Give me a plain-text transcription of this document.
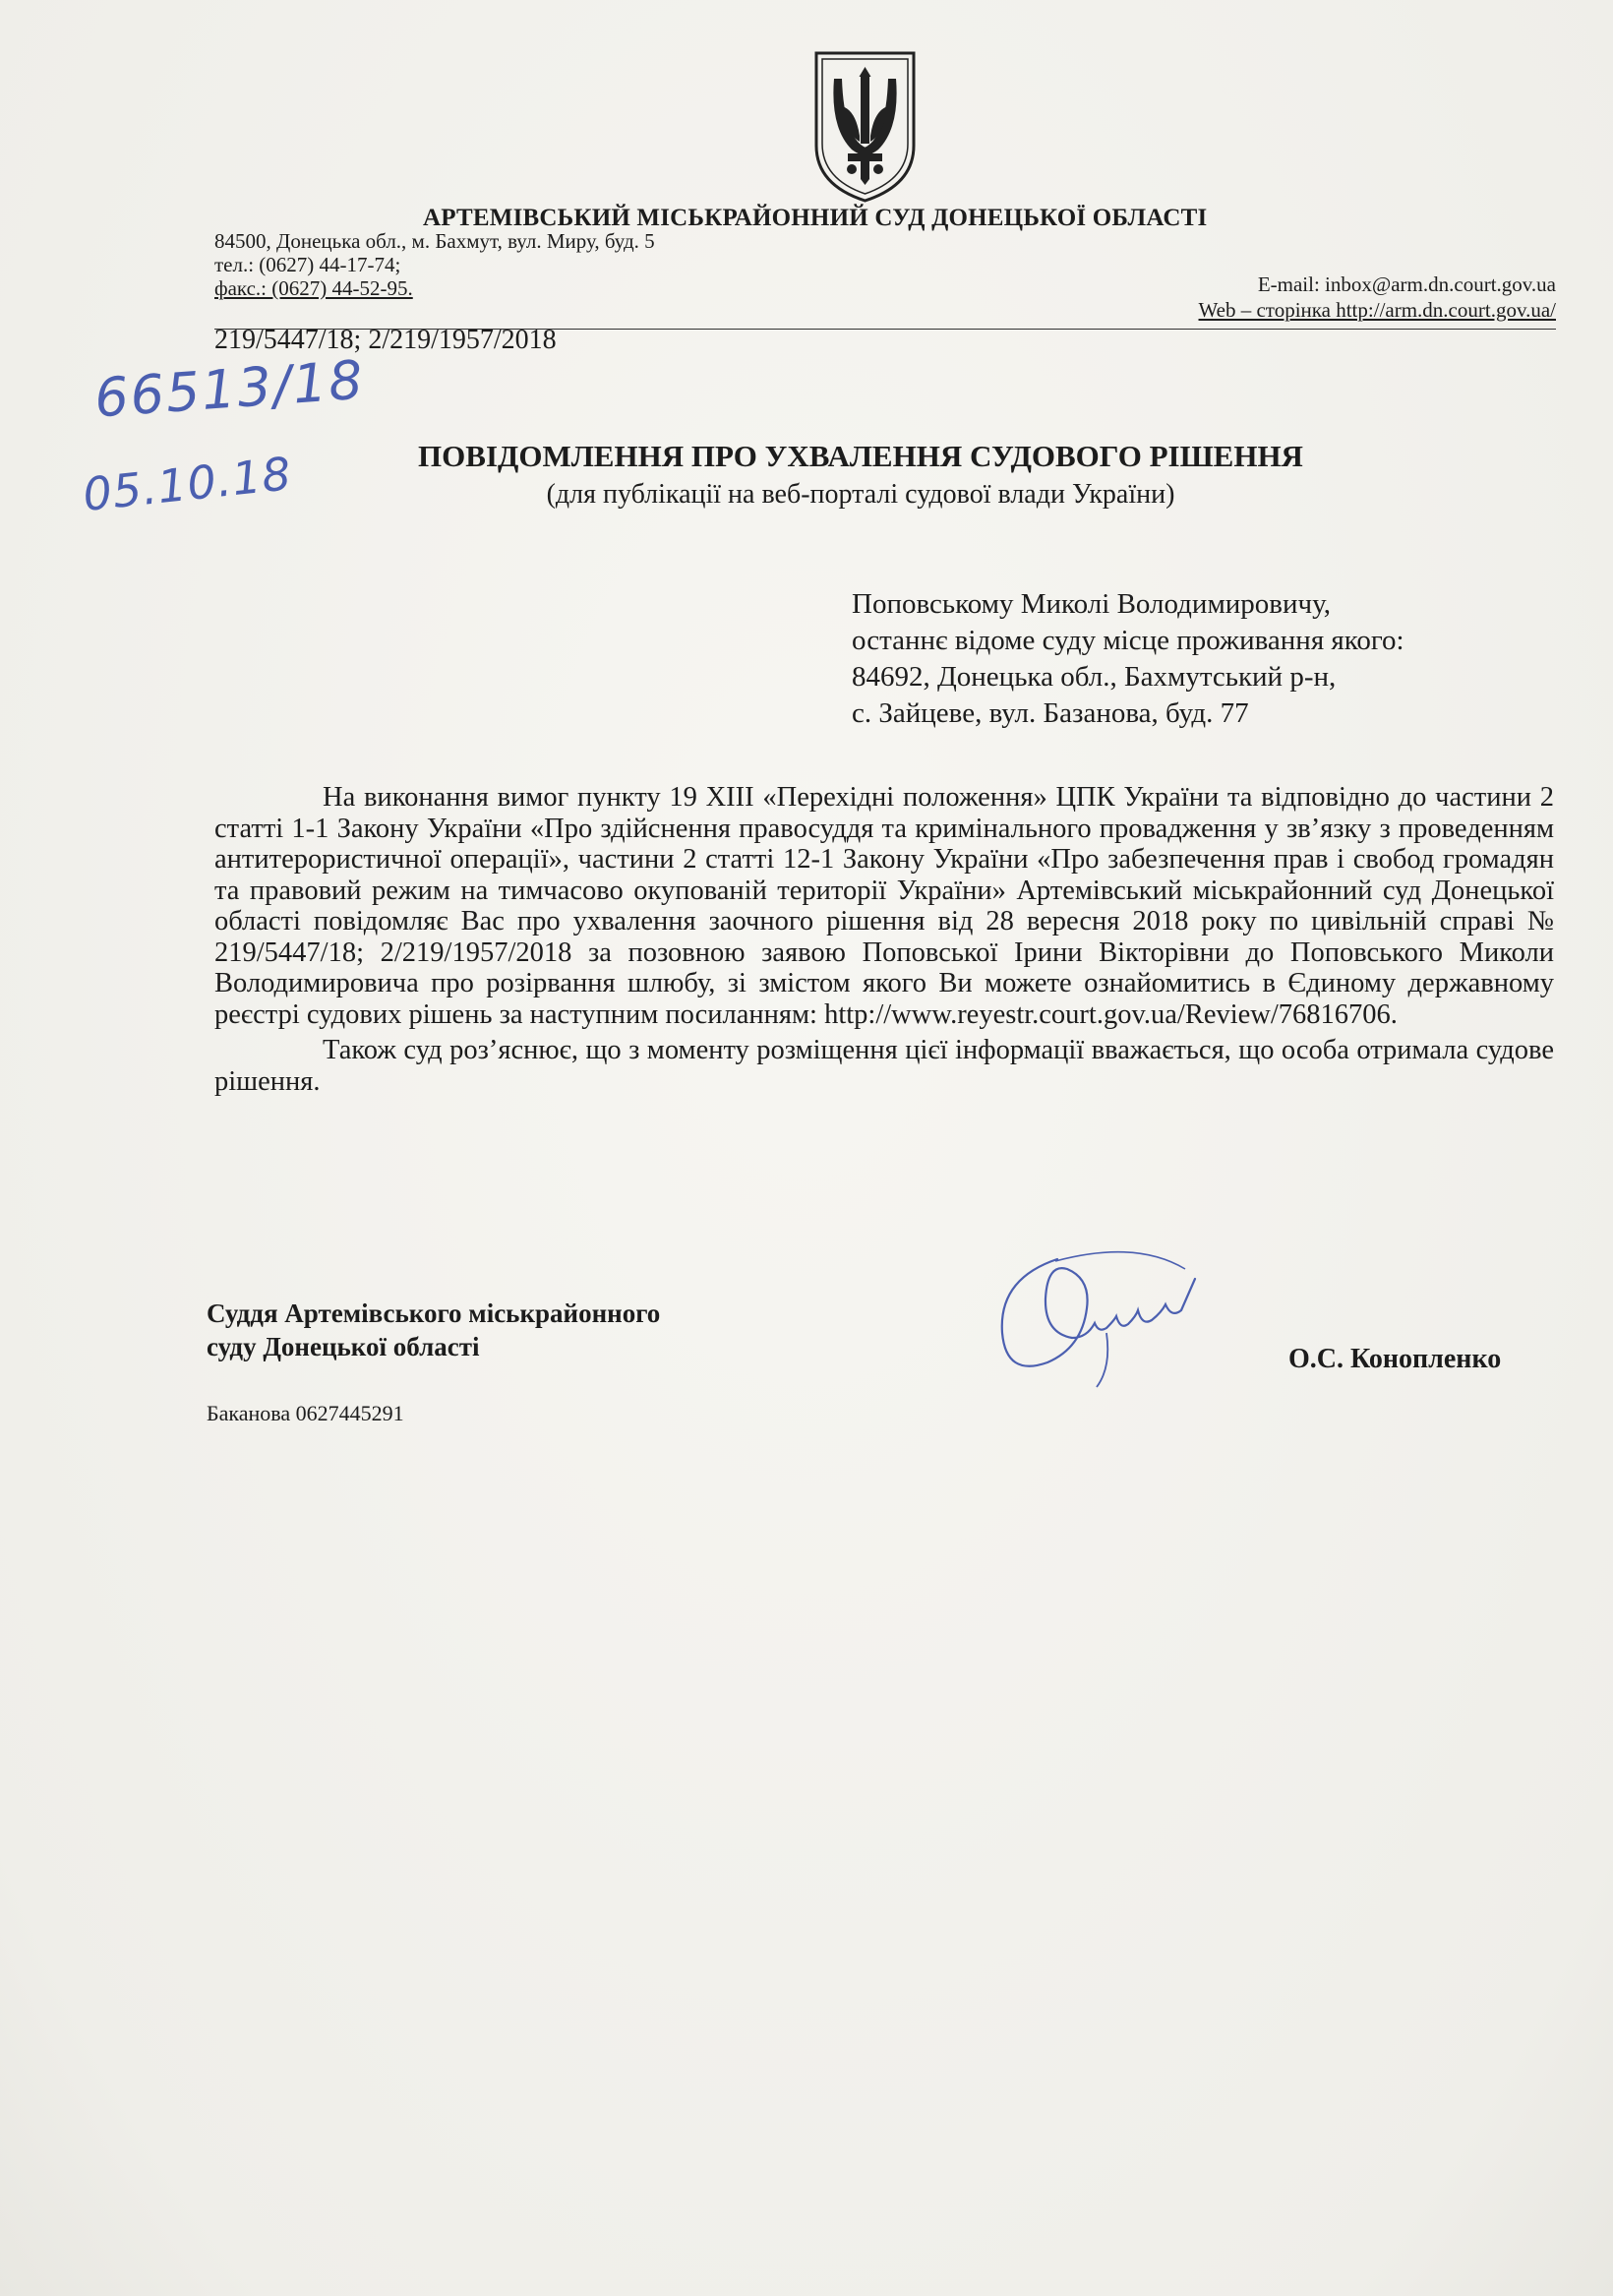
АРТЕМІВСЬКИЙ МІСЬКРАЙОННИЙ СУД ДОНЕЦЬКОЇ ОБЛАСТІ
84500, Донецька обл., м. Бахмут, вул. Миру, буд. 5
тел.: (0627) 44-17-74;
факс.: (0627) 44-52-95.	E-mail: inbox@arm.dn.court.gov.ua
Web – сторінка http://arm.dn.court.gov.ua/
219/5447/18; 2/219/1957/2018
66513/18
05.10.18	ПОВІДОМЛЕННЯ ПРО УХВАЛЕННЯ СУДОВОГО РІШЕННЯ
(для публікації на веб-порталі судової влади України)
Поповському Миколі Володимировичу,
останнє відоме суду місце проживання якого:
84692, Донецька обл., Бахмутський р-н,
с. Зайцеве, вул. Базанова, буд. 77

На виконання вимог пункту 19 ХІІІ «Перехідні положення» ЦПК України та відповідно до частини 2 статті 1-1 Закону України «Про здійснення правосуддя та кримінального провадження у зв’язку з проведенням антитерористичної операції», частини 2 статті 12-1 Закону України «Про забезпечення прав і свобод громадян та правовий режим на тимчасово окупованій території України» Артемівський міськрайонний суд Донецької області повідомляє Вас про ухвалення заочного рішення від 28 вересня 2018 року по цивільній справі № 219/5447/18; 2/219/1957/2018 за позовною заявою Поповської Ірини Вікторівни до Поповського Миколи Володимировича про розірвання шлюбу, зі змістом якого Ви можете ознайомитись в Єдиному державному реєстрі судових рішень за наступним посиланням: http://www.reyestr.court.gov.ua/Review/76816706.

Також суд роз’яснює, що з моменту розміщення цієї інформації вважається, що особа отримала судове рішення.

Суддя Артемівського міськрайонного
суду Донецької області	О.С. Конопленко
Баканова 0627445291
